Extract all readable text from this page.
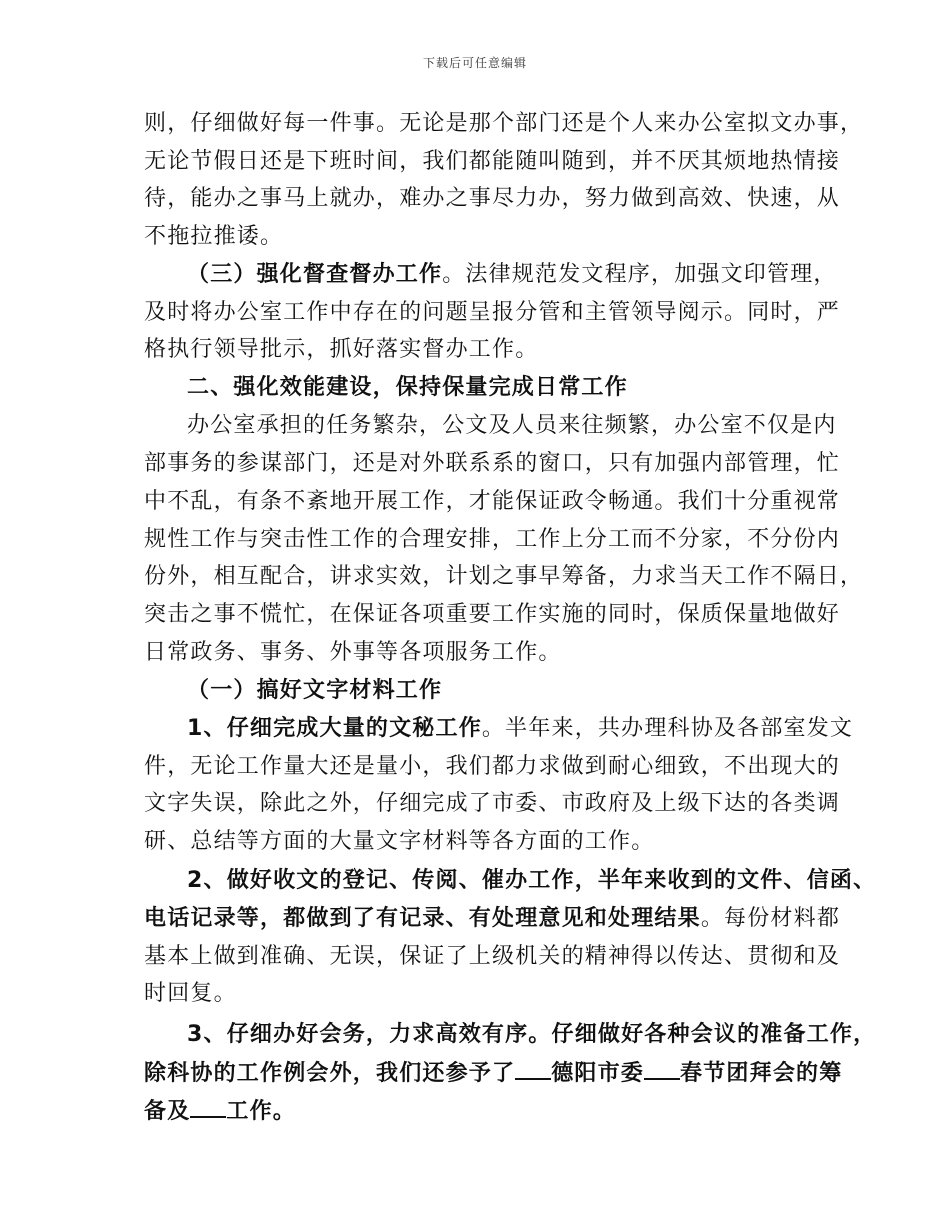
下载后可任意编辑
则，仔细做好每一件事。无论是那个部门还是个人来办公室拟文办事，
无论节假日还是下班时间，我们都能随叫随到，并不厌其烦地热情接
待，能办之事马上就办，难办之事尽力办，努力做到高效、快速，从
不拖拉推诿。
（三）强化督查督办工作。法律规范发文程序，加强文印管理，
及时将办公室工作中存在的问题呈报分管和主管领导阅示。同时，严
格执行领导批示，抓好落实督办工作。
二、强化效能建设，保持保量完成日常工作
办公室承担的任务繁杂，公文及人员来往频繁，办公室不仅是内
部事务的参谋部门，还是对外联系系的窗口，只有加强内部管理，忙
中不乱，有条不紊地开展工作，才能保证政令畅通。我们十分重视常
规性工作与突击性工作的合理安排，工作上分工而不分家，不分份内
份外，相互配合，讲求实效，计划之事早筹备，力求当天工作不隔日，
突击之事不慌忙，在保证各项重要工作实施的同时，保质保量地做好
日常政务、事务、外事等各项服务工作。
（一）搞好文字材料工作
1、仔细完成大量的文秘工作。半年来，共办理科协及各部室发文
件，无论工作量大还是量小，我们都力求做到耐心细致，不出现大的
文字失误，除此之外，仔细完成了市委、市政府及上级下达的各类调
研、总结等方面的大量文字材料等各方面的工作。
2、做好收文的登记、传阅、催办工作，半年来收到的文件、信函、
电话记录等，都做到了有记录、有处理意见和处理结果。每份材料都
基本上做到准确、无误，保证了上级机关的精神得以传达、贯彻和及
时回复。
3、仔细办好会务，力求高效有序。仔细做好各种会议的准备工作，
除科协的工作例会外，我们还参予了 德阳市委 春节团拜会的筹
备及 工作。
